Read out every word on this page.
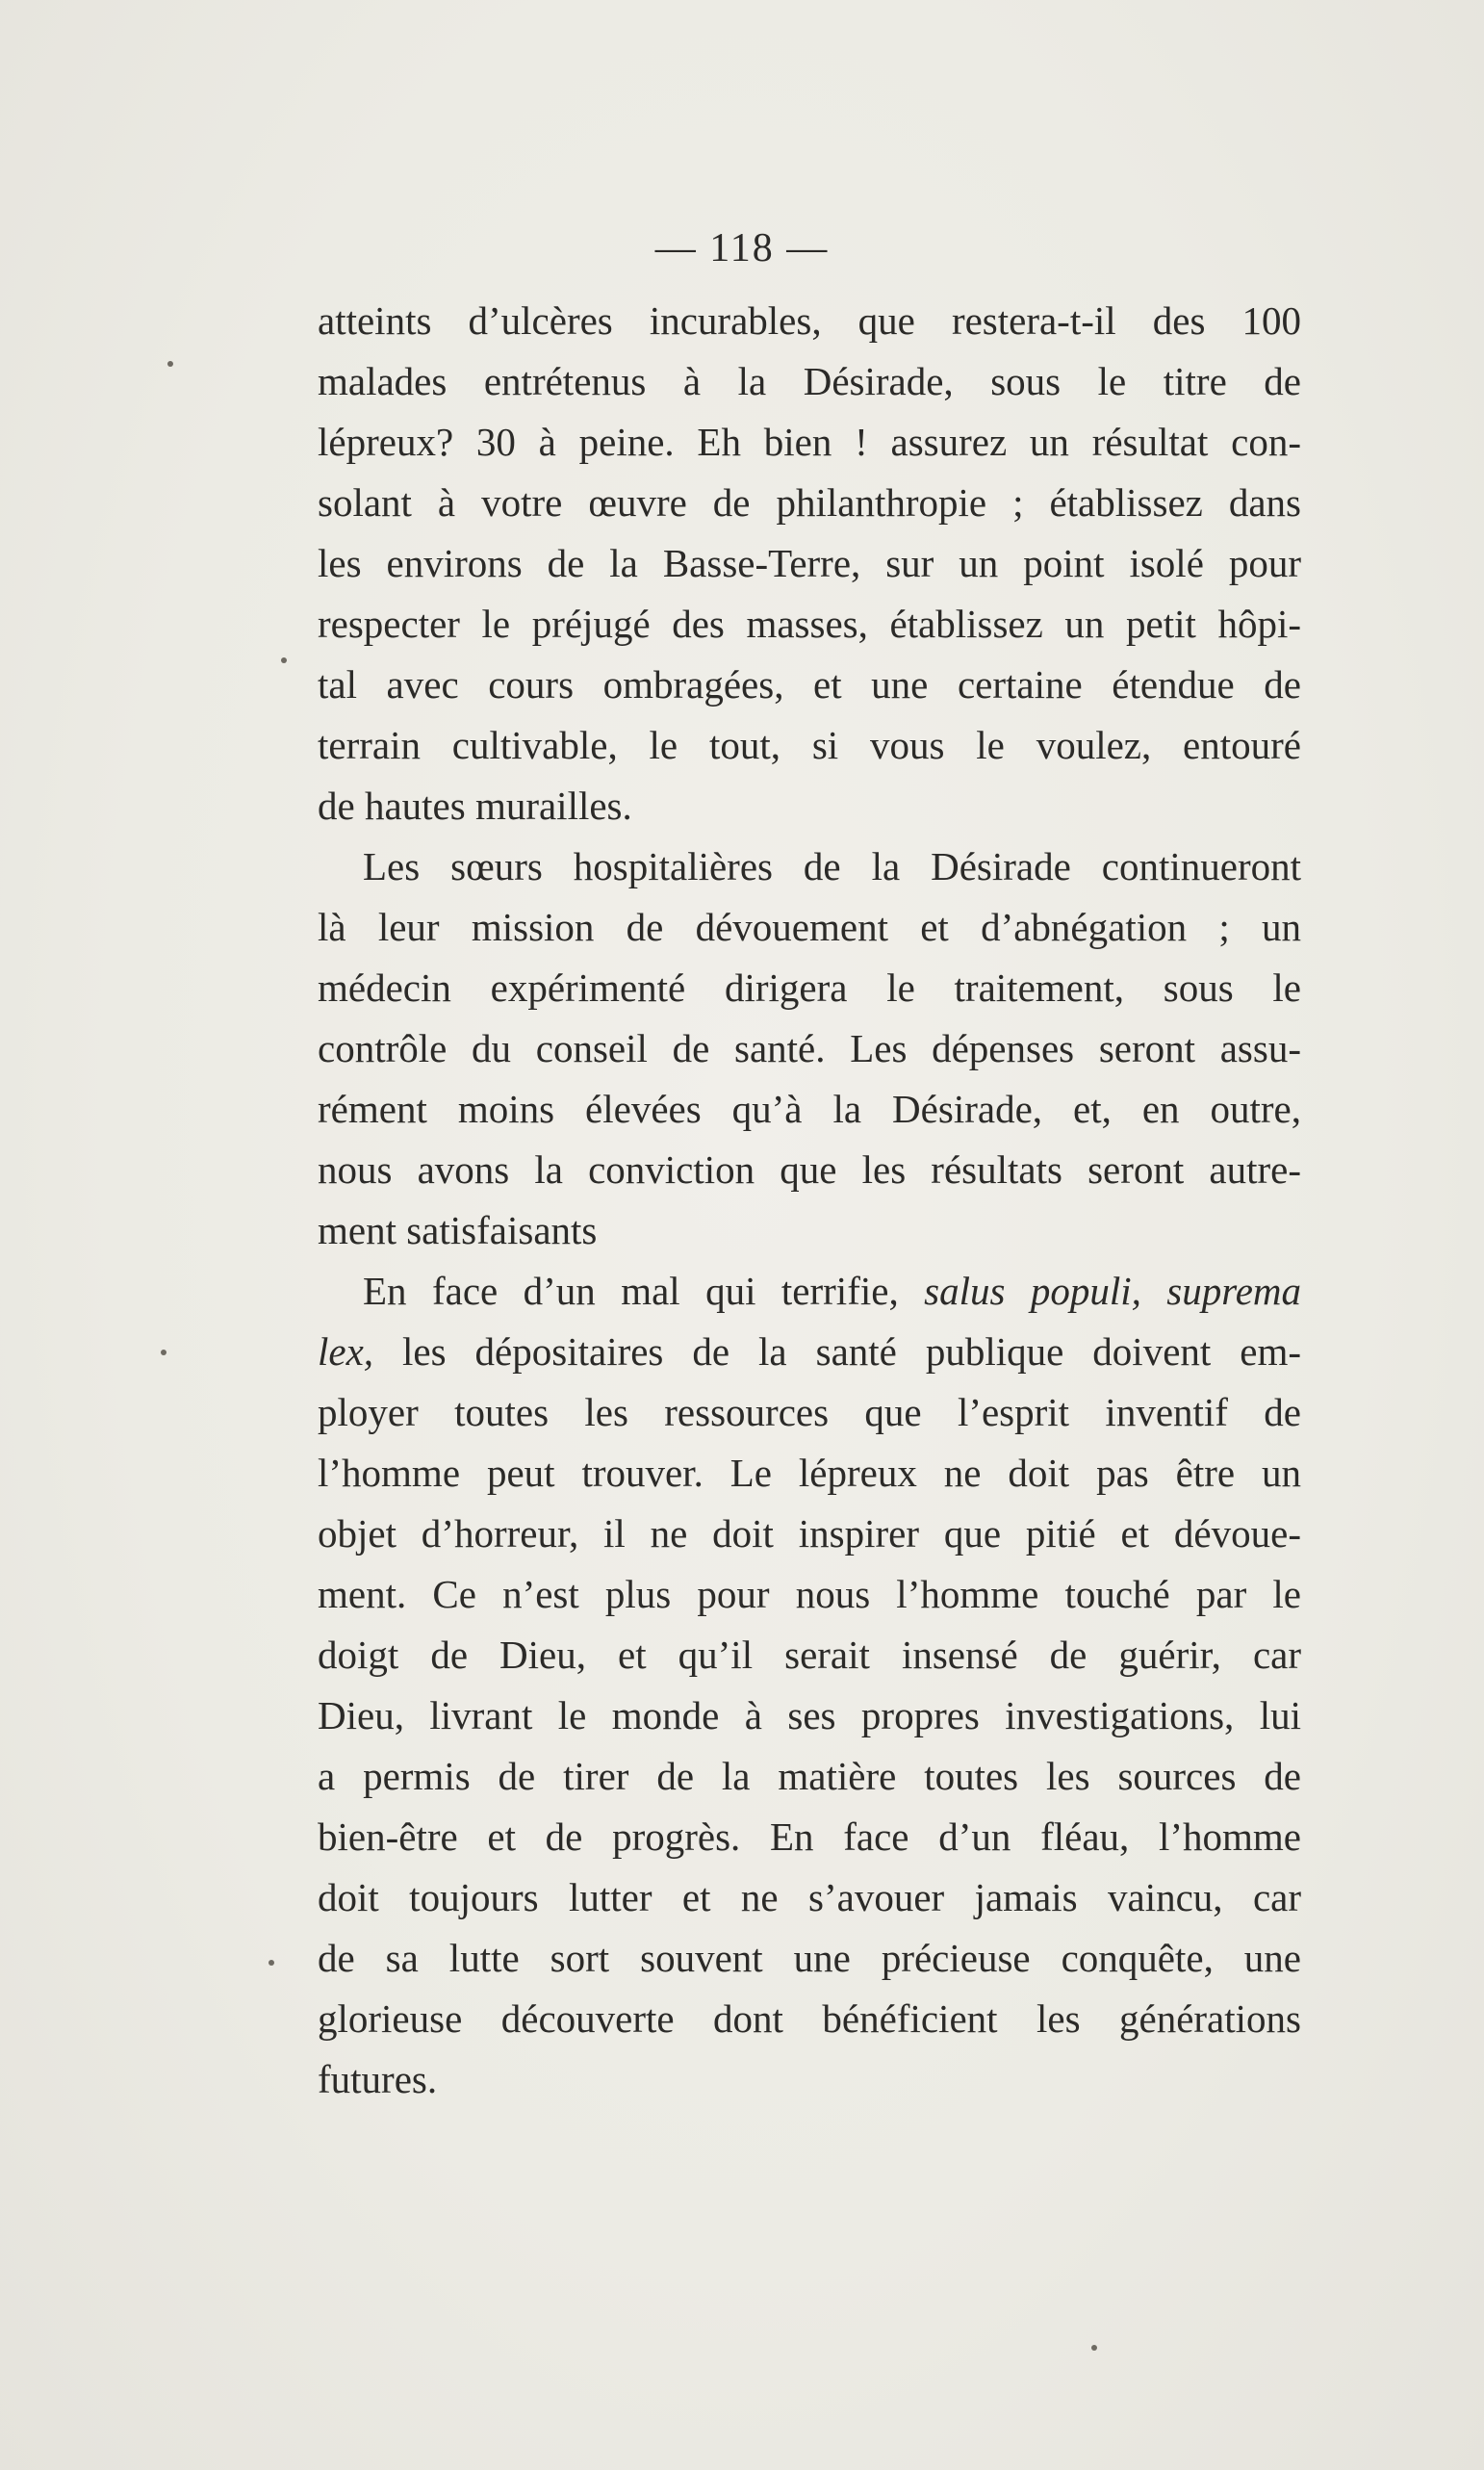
— 118 —
atteints d’ulcères incurables, que restera-t-il des 100
malades entrétenus à la Désirade, sous le titre de
lépreux? 30 à peine. Eh bien ! assurez un résultat con-
solant à votre œuvre de philanthropie ; établissez dans
les environs de la Basse-Terre, sur un point isolé pour
respecter le préjugé des masses, établissez un petit hôpi-
tal avec cours ombragées, et une certaine étendue de
terrain cultivable, le tout, si vous le voulez, entouré
de hautes murailles.
Les sœurs hospitalières de la Désirade continueront
là leur mission de dévouement et d’abnégation ; un
médecin expérimenté dirigera le traitement, sous le
contrôle du conseil de santé. Les dépenses seront assu-
rément moins élevées qu’à la Désirade, et, en outre,
nous avons la conviction que les résultats seront autre-
ment satisfaisants
En face d’un mal qui terrifie, salus populi, suprema
lex, les dépositaires de la santé publique doivent em-
ployer toutes les ressources que l’esprit inventif de
l’homme peut trouver. Le lépreux ne doit pas être un
objet d’horreur, il ne doit inspirer que pitié et dévoue-
ment. Ce n’est plus pour nous l’homme touché par le
doigt de Dieu, et qu’il serait insensé de guérir, car
Dieu, livrant le monde à ses propres investigations, lui
a permis de tirer de la matière toutes les sources de
bien-être et de progrès. En face d’un fléau, l’homme
doit toujours lutter et ne s’avouer jamais vaincu, car
de sa lutte sort souvent une précieuse conquête, une
glorieuse découverte dont bénéficient les générations
futures.
